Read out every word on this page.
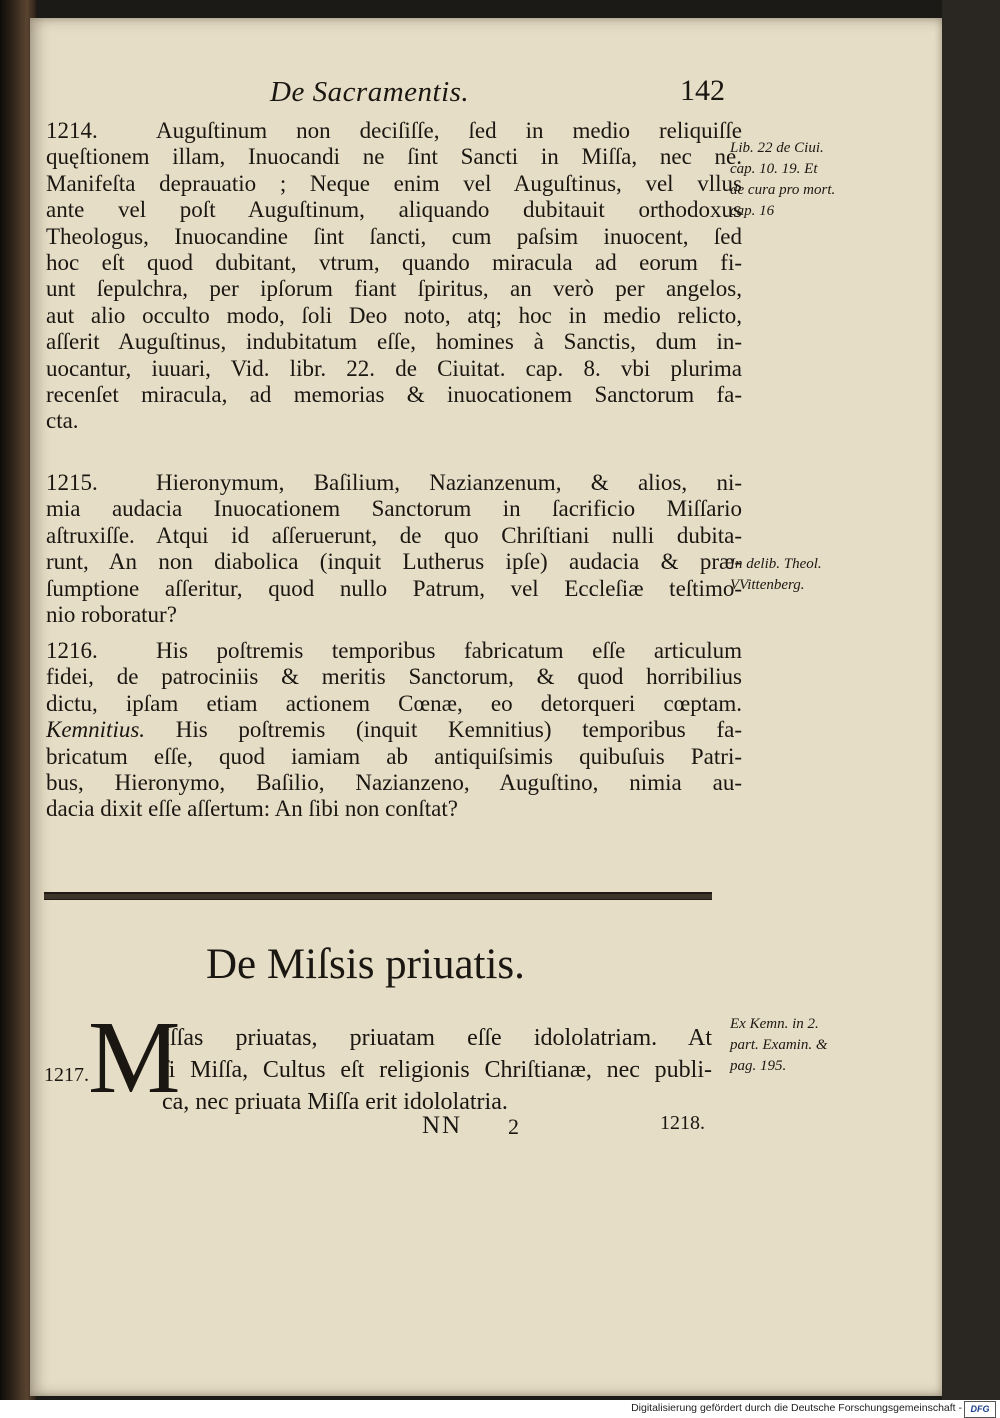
De Sacramentis.	142
1214.	Auguſtinum non deciſiſſe, ſed in medio reliquiſſe
quęſtionem illam, Inuocandi ne ſint Sancti in Miſſa, nec ne.
Manifeſta deprauatio ; Neque enim vel Auguſtinus, vel vllus
ante vel poſt Auguſtinum, aliquando dubitauit orthodoxus
Theologus, Inuocandine ſint ſancti, cum paſsim inuocent, ſed
hoc eſt quod dubitant, vtrum, quando miracula ad eorum fi-
unt ſepulchra, per ipſorum fiant ſpiritus, an verò per angelos,
aut alio occulto modo, ſoli Deo noto, atq; hoc in medio relicto,
aſſerit Auguſtinus, indubitatum eſſe, homines à Sanctis, dum in-
uocantur, iuuari, Vid. libr. 22. de Ciuitat. cap. 8. vbi plurima
recenſet miracula, ad memorias & inuocationem Sanctorum fa-
cta.
1215.	Hieronymum, Baſilium, Nazianzenum, & alios, ni-
mia audacia Inuocationem Sanctorum in ſacrificio Miſſario
aſtruxiſſe. Atqui id aſſeruerunt, de quo Chriſtiani nulli dubita-
runt, An non diabolica (inquit Lutherus ipſe) audacia & præ-
ſumptione aſſeritur, quod nullo Patrum, vel Eccleſiæ teſtimo-
nio roboratur?
1216.	His poſtremis temporibus fabricatum eſſe articulum
fidei, de patrociniis & meritis Sanctorum, & quod horribilius
dictu, ipſam etiam actionem Cœnæ, eo detorqueri cœptam.
Kemnitius. His poſtremis (inquit Kemnitius) temporibus fa-
bricatum eſſe, quod iamiam ab antiquiſsimis quibuſuis Patri-
bus, Hieronymo, Baſilio, Nazianzeno, Auguſtino, nimia au-
dacia dixit eſſe aſſertum: An ſibi non conſtat?
Lib. 22 de Ciui.
cap. 10. 19. Et
de cura pro mort.
cap. 16
In delib. Theol.
VVittenberg.
Ex Kemn. in 2.
part. Examin. &
pag. 195.
De Miſsis priuatis.
M
1217.
Iſſas priuatas, priuatam eſſe idololatriam. At
ſi Miſſa, Cultus eſt religionis Chriſtianæ, nec publi-
ca, nec priuata Miſſa erit idololatria.
NN 2	1218.
Digitalisierung gefördert durch die Deutsche Forschungsgemeinschaft - DFG
